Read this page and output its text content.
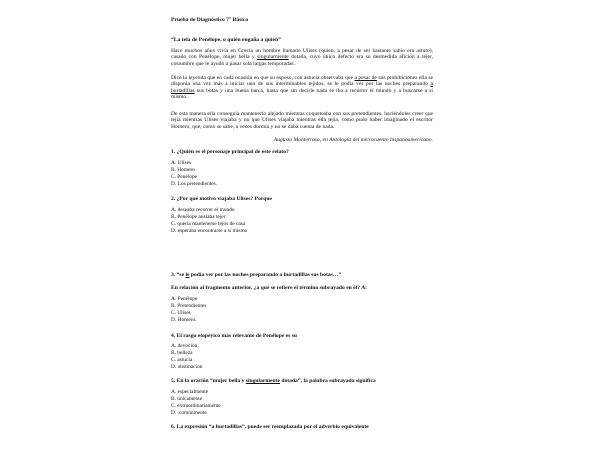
Prueba de Diagnóstico 7° Básico
“La tela de Penélope, o quién engaña a quién”
Hace muchos años vivía en Grecia un hombre llamado Ulises (quien, a pesar de ser bastante sabio era astuto), casado con Penélope, mujer bella y singularmente dotada, cuyo único defecto era su desmedida afición a tejer, costumbre que le ayudó a pasar sola largas temporadas.
Dice la leyenda que en cada ocasión en que su esposo, con astucia observaba que a pesar de sus prohibiciones ella se disponía una vez más a iniciar uno de sus interminables tejidos, se le podía ver por las noches preparando a hurtadillas sus botas y una buena barca, hasta que sin decirle nada se iba a recorrer el mundo y a buscarse a sí mismo.
De esta manera ella conseguía mantenerlo alejado mientras coqueteaba con sus pretendientes, haciéndoles creer que tejía mientras Ulises viajaba y no que Ulises viajaba mientras ella tejía, como pudo haber imaginado el escritor Homero, que, como se sabe, a veces dormía y no se daba cuenta de nada.
Augusto Monterroso, en Antología del microcuento hispanoamericano.
1. ¿Quién es el personaje principal de este relato?
A. Ulises
B. Homero
C. Penélope
D. Los pretendientes.
2. ¿Por qué motivo viajaba Ulises? Porque
A. deseaba recorrer el mundo
B. Penélope ansiaba tejer
C. quería mantenerse lejos de casa
D. esperaba encontrarse a sí mismo
3. “se le podía ver por las noches preparando a hurtadillas sus botas…”
En relación al fragmento anterior, ¿a qué se refiere el término subrayado en él? A:
A. Penélope
B. Pretendientes
C. Ulises
D. Homero.
4. El rasgo etopéyico más relevante de Penélope es su
A. devoción
B. belleza
C. astucia
D. obstinación
5. En la oración “mujer bella y singularmente dotada”, la palabra subrayada significa
A. especialmente
B. únicamente
C. extraordinariamente
D. .comúnmente
6. La expresión “a hurtadillas”, puede ser reemplazada por el adverbio equivalente
